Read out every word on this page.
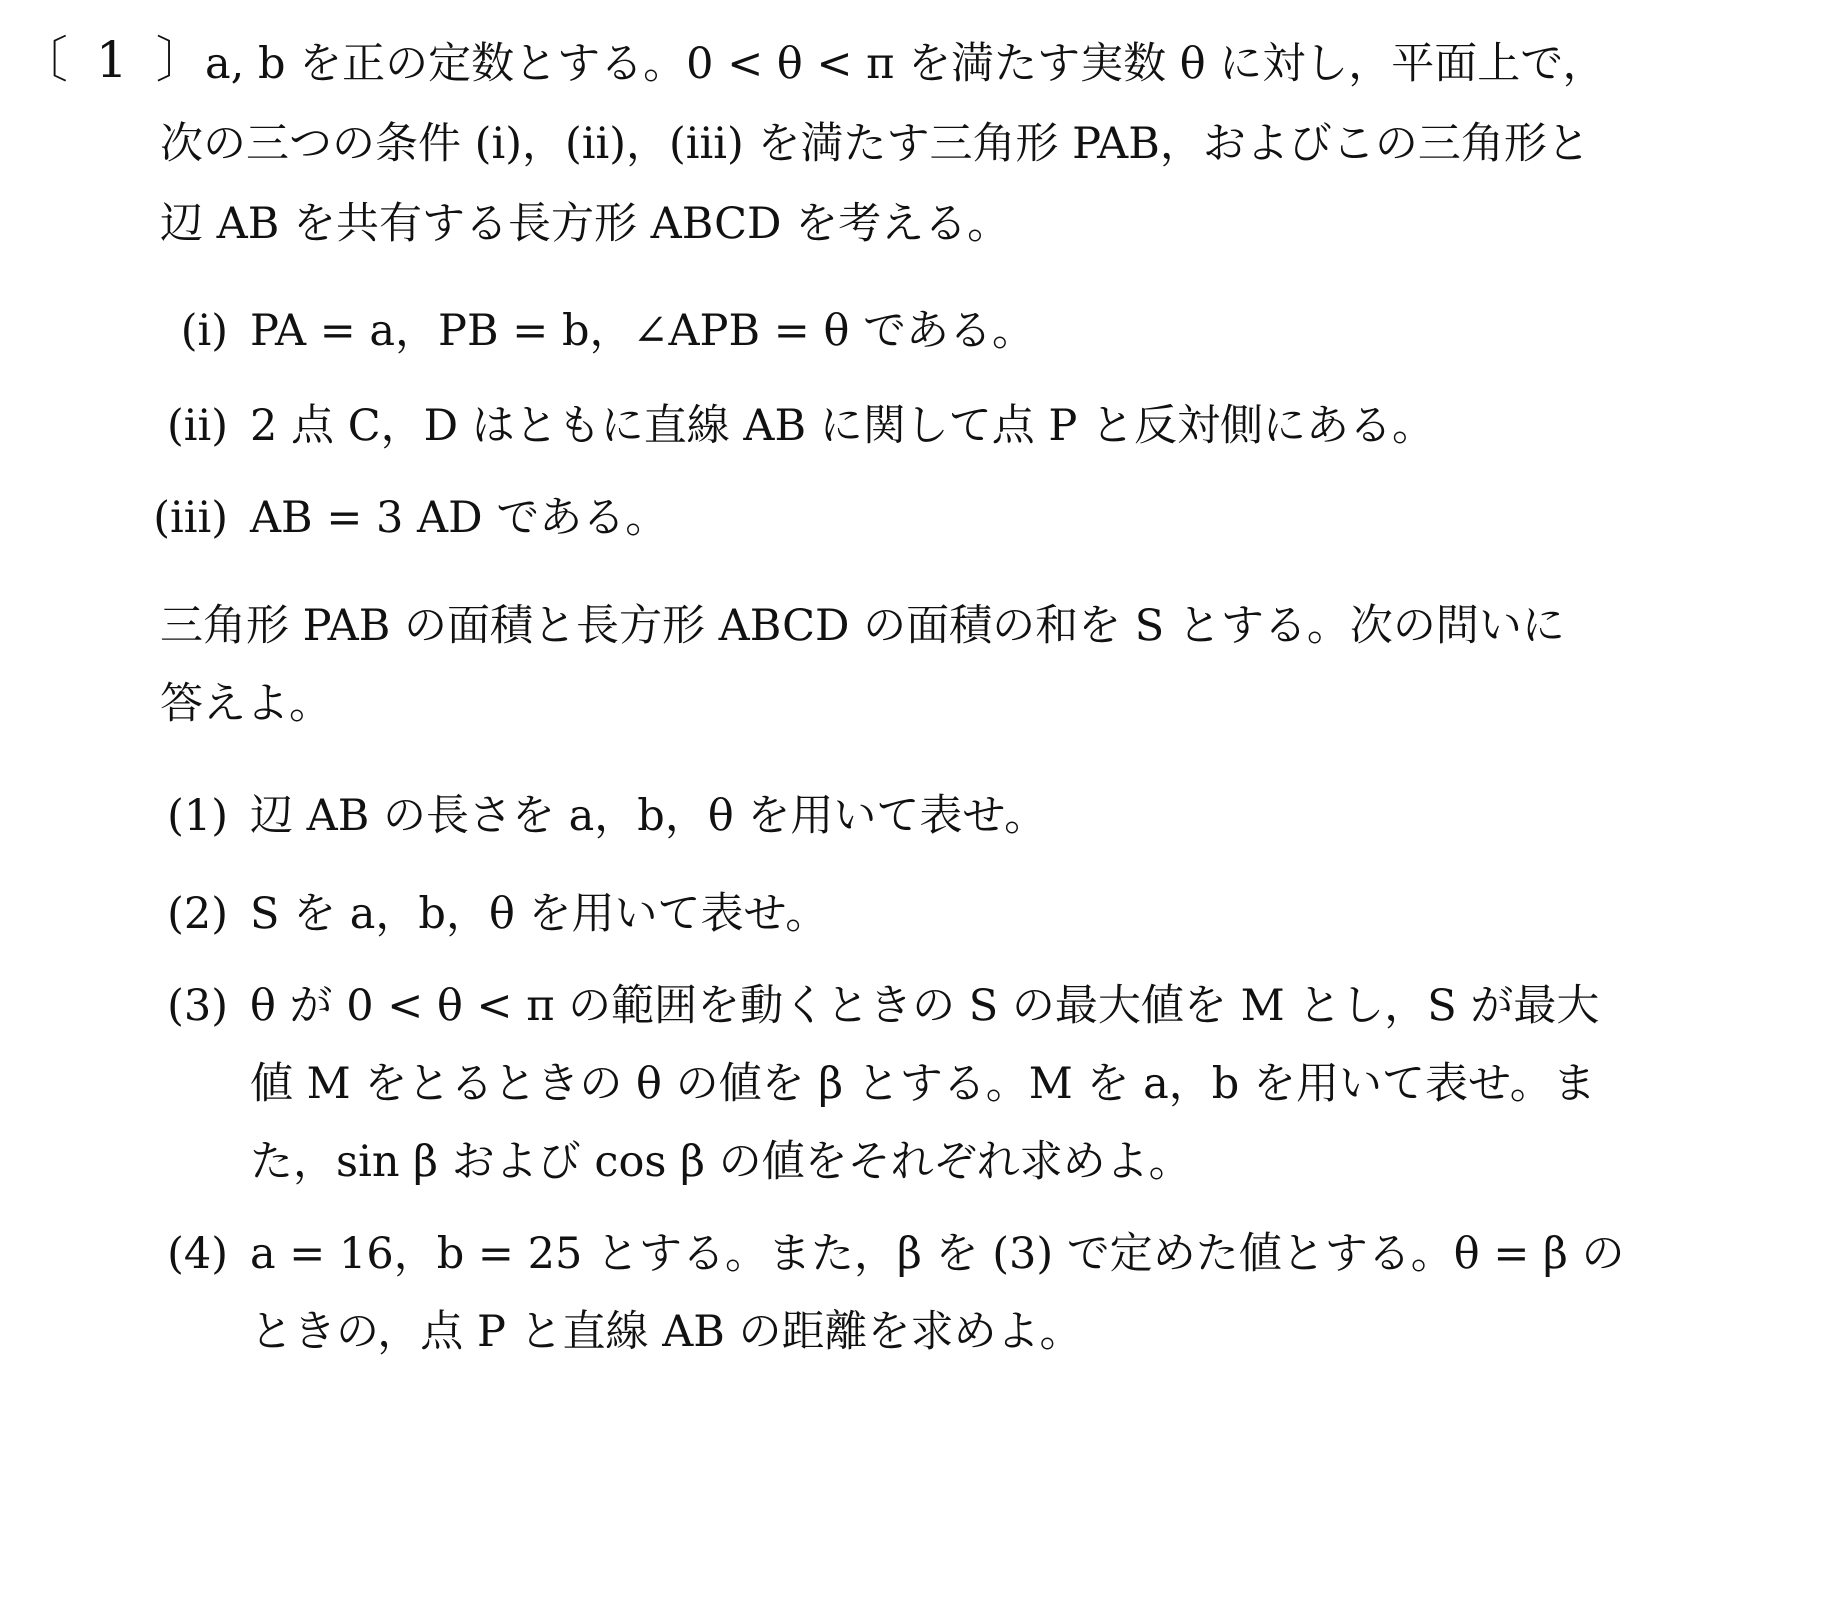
〔 1 〕
a, b を正の定数とする。0 < θ < π を満たす実数 θ に対し，平面上で，
次の三つの条件 (i)，(ii)，(iii) を満たす三角形 PAB，およびこの三角形と
辺 AB を共有する長方形 ABCD を考える。
(i) PA = a，PB = b，∠APB = θ である。
(ii) 2 点 C，D はともに直線 AB に関して点 P と反対側にある。
(iii) AB = 3 AD である。
三角形 PAB の面積と長方形 ABCD の面積の和を S とする。次の問いに
答えよ。
(1) 辺 AB の長さを a，b，θ を用いて表せ。
(2) S を a，b，θ を用いて表せ。
(3) θ が 0 < θ < π の範囲を動くときの S の最大値を M とし，S が最大
値 M をとるときの θ の値を β とする。M を a，b を用いて表せ。ま
た，sin β および cos β の値をそれぞれ求めよ。
(4) a = 16，b = 25 とする。また，β を (3) で定めた値とする。θ = β の
ときの，点 P と直線 AB の距離を求めよ。
